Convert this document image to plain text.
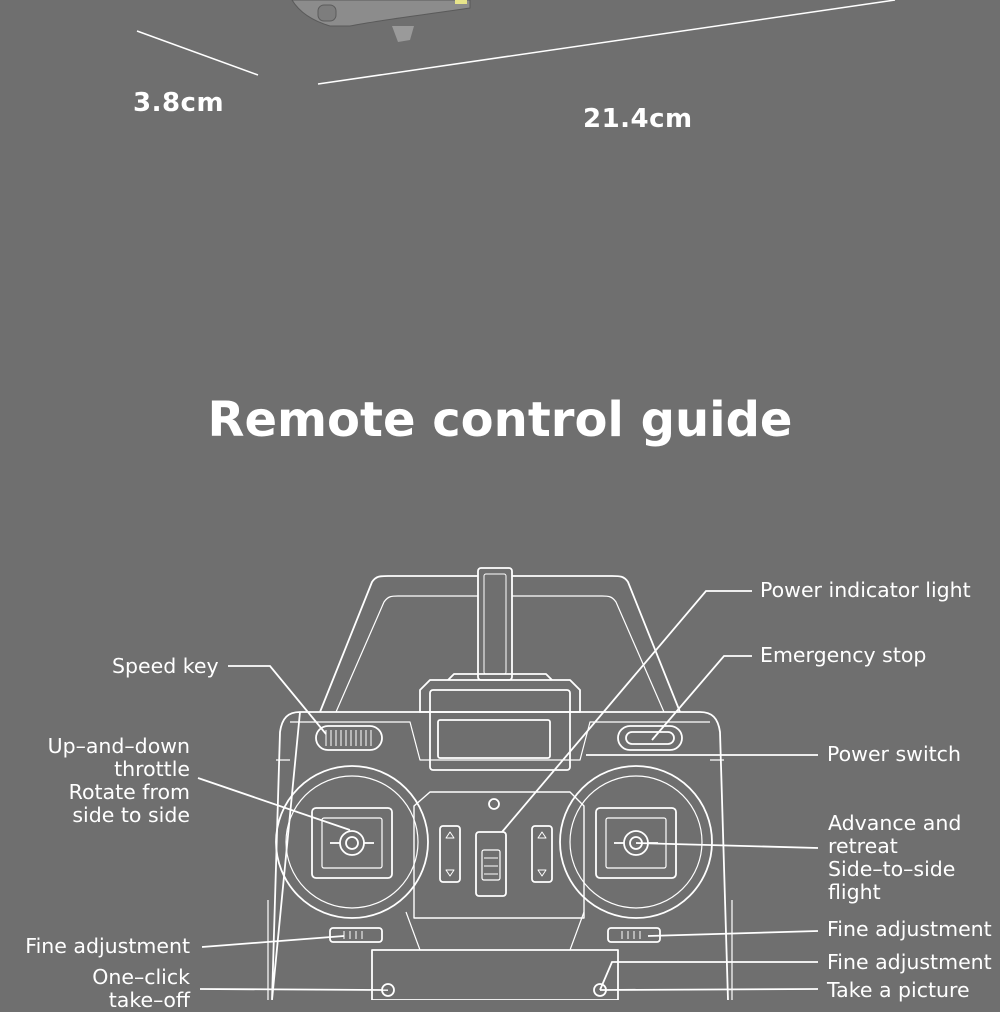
3.8cm
21.4cm
Remote control guide
Power indicator light
Emergency stop
Speed key
Power switch
Up–and–down
throttle
Rotate from
side to side	Advance and
retreat
Side–to–side
flight
Fine adjustment
Fine adjustment
Fine adjustment
One–click
take–off	Take a picture
